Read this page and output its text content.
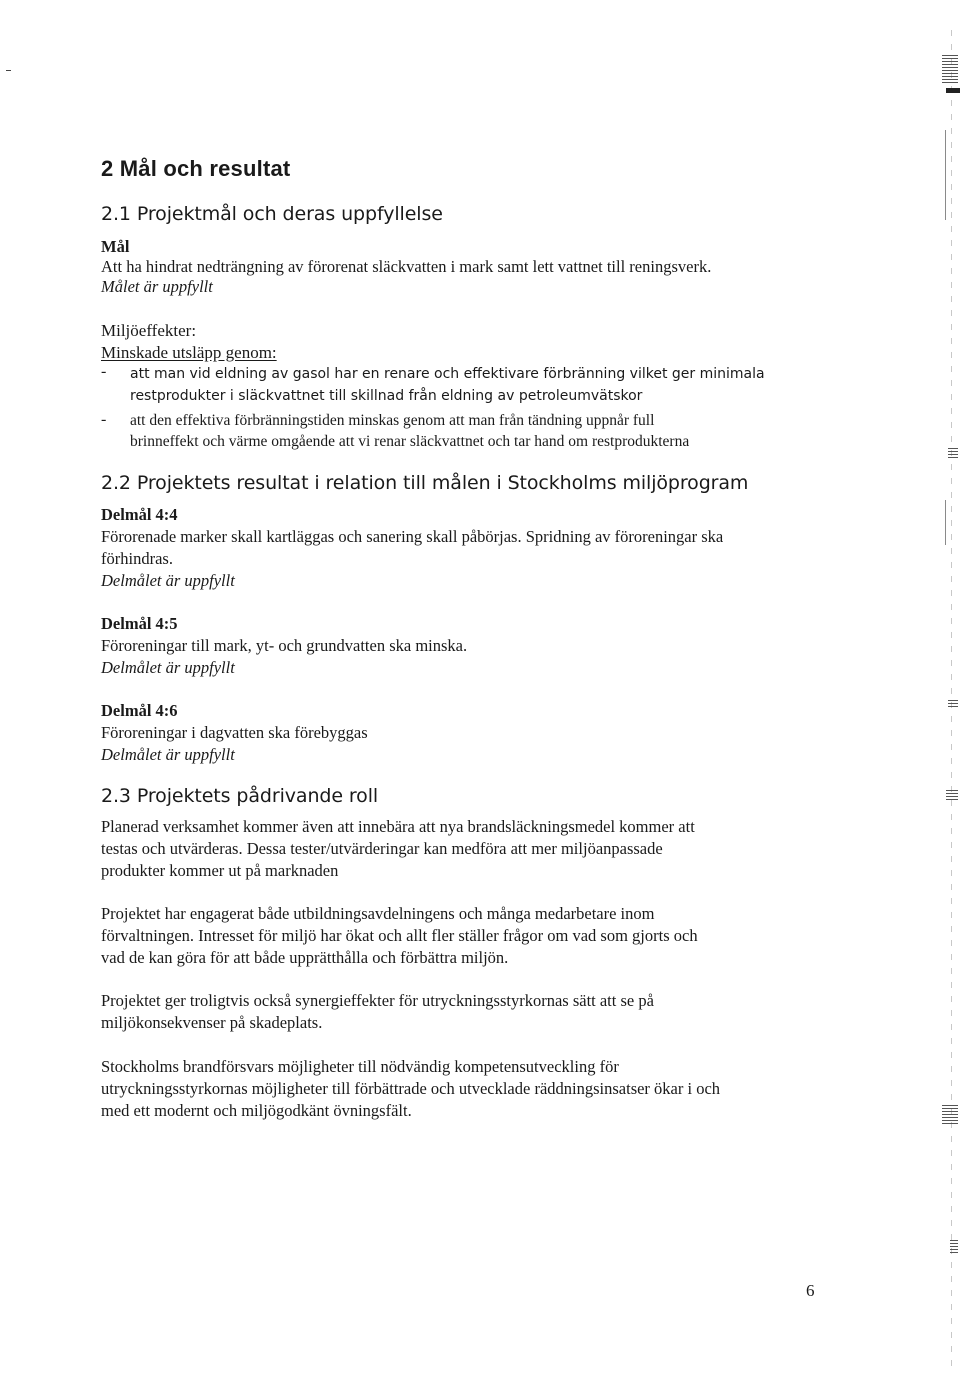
2 Mål och resultat
2.1 Projektmål och deras uppfyllelse
Mål
Att ha hindrat nedträngning av förorenat släckvatten i mark samt lett vattnet till reningsverk.
Målet är uppfyllt
Miljöeffekter:
Minskade utsläpp genom:
- att man vid eldning av gasol har en renare och effektivare förbränning vilket ger minimala
restprodukter i släckvattnet till skillnad från eldning av petroleumvätskor
- att den effektiva förbränningstiden minskas genom att man från tändning uppnår full
brinneffekt och värme omgående att vi renar släckvattnet och tar hand om restprodukterna
2.2 Projektets resultat i relation till målen i Stockholms miljöprogram
Delmål 4:4
Förorenade marker skall kartläggas och sanering skall påbörjas. Spridning av föroreningar ska
förhindras.
Delmålet är uppfyllt
Delmål 4:5
Föroreningar till mark, yt- och grundvatten ska minska.
Delmålet är uppfyllt
Delmål 4:6
Föroreningar i dagvatten ska förebyggas
Delmålet är uppfyllt
2.3 Projektets pådrivande roll
Planerad verksamhet kommer även att innebära att nya brandsläckningsmedel kommer att
testas och utvärderas. Dessa tester/utvärderingar kan medföra att mer miljöanpassade
produkter kommer ut på marknaden
Projektet har engagerat både utbildningsavdelningens och många medarbetare inom
förvaltningen. Intresset för miljö har ökat och allt fler ställer frågor om vad som gjorts och
vad de kan göra för att både upprätthålla och förbättra miljön.
Projektet ger troligtvis också synergieffekter för utryckningsstyrkornas sätt att se på
miljökonsekvenser på skadeplats.
Stockholms brandförsvars möjligheter till nödvändig kompetensutveckling för
utryckningsstyrkornas möjligheter till förbättrade och utvecklade räddningsinsatser ökar i och
med ett modernt och miljögodkänt övningsfält.
6
